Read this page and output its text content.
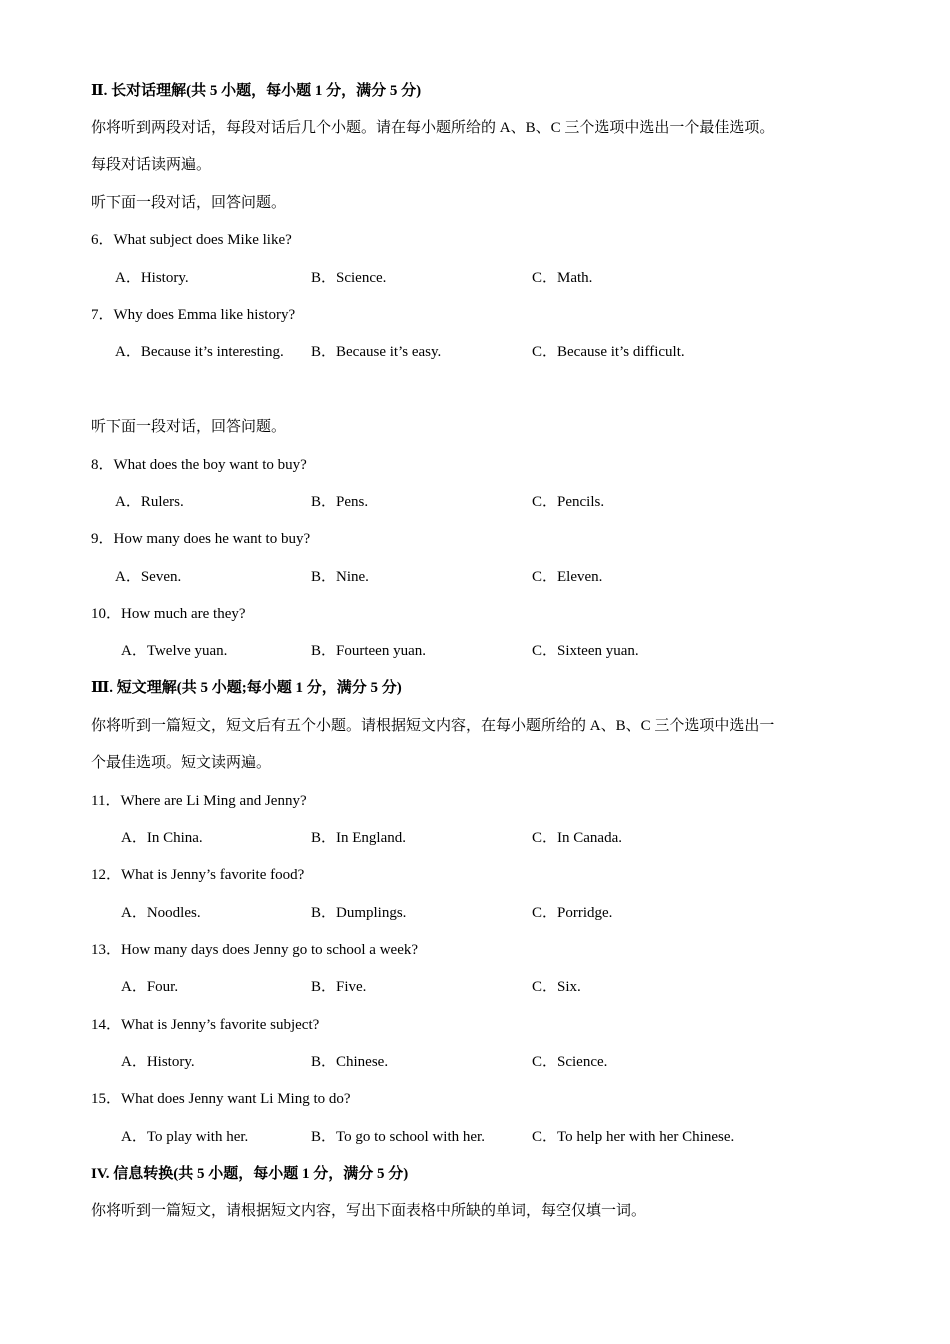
Ⅱ. 长对话理解(共 5 小题，每小题 1 分，满分 5 分)
你将听到两段对话，每段对话后几个小题。请在每小题所给的 A、B、C 三个选项中选出一个最佳选项。
每段对话读两遍。
听下面一段对话，回答问题。
6．What subject does Mike like?
A．History.	B．Science.	C．Math.
7．Why does Emma like history?
A．Because it’s interesting. B．Because it’s easy.	C．Because it’s difficult.
听下面一段对话，回答问题。
8．What does the boy want to buy?
A．Rulers.	B．Pens.	C．Pencils.
9．How many does he want to buy?
A．Seven.	B．Nine.	C．Eleven.
10．How much are they?
A．Twelve yuan.	B．Fourteen yuan.	C．Sixteen yuan.
Ⅲ. 短文理解(共 5 小题;每小题 1 分，满分 5 分)
你将听到一篇短文，短文后有五个小题。请根据短文内容，在每小题所给的 A、B、C 三个选项中选出一
个最佳选项。短文读两遍。
11．Where are Li Ming and Jenny?
A．In China.	B．In England.	C．In Canada.
12．What is Jenny’s favorite food?
A．Noodles.	B．Dumplings.	C．Porridge.
13．How many days does Jenny go to school a week?
A．Four.	B．Five.	C．Six.
14．What is Jenny’s favorite subject?
A．History.	B．Chinese.	C．Science.
15．What does Jenny want Li Ming to do?
A．To play with her.	B．To go to school with her.	C．To help her with her Chinese.
IV. 信息转换(共 5 小题，每小题 1 分，满分 5 分)
你将听到一篇短文，请根据短文内容，写出下面表格中所缺的单词，每空仅填一词。
